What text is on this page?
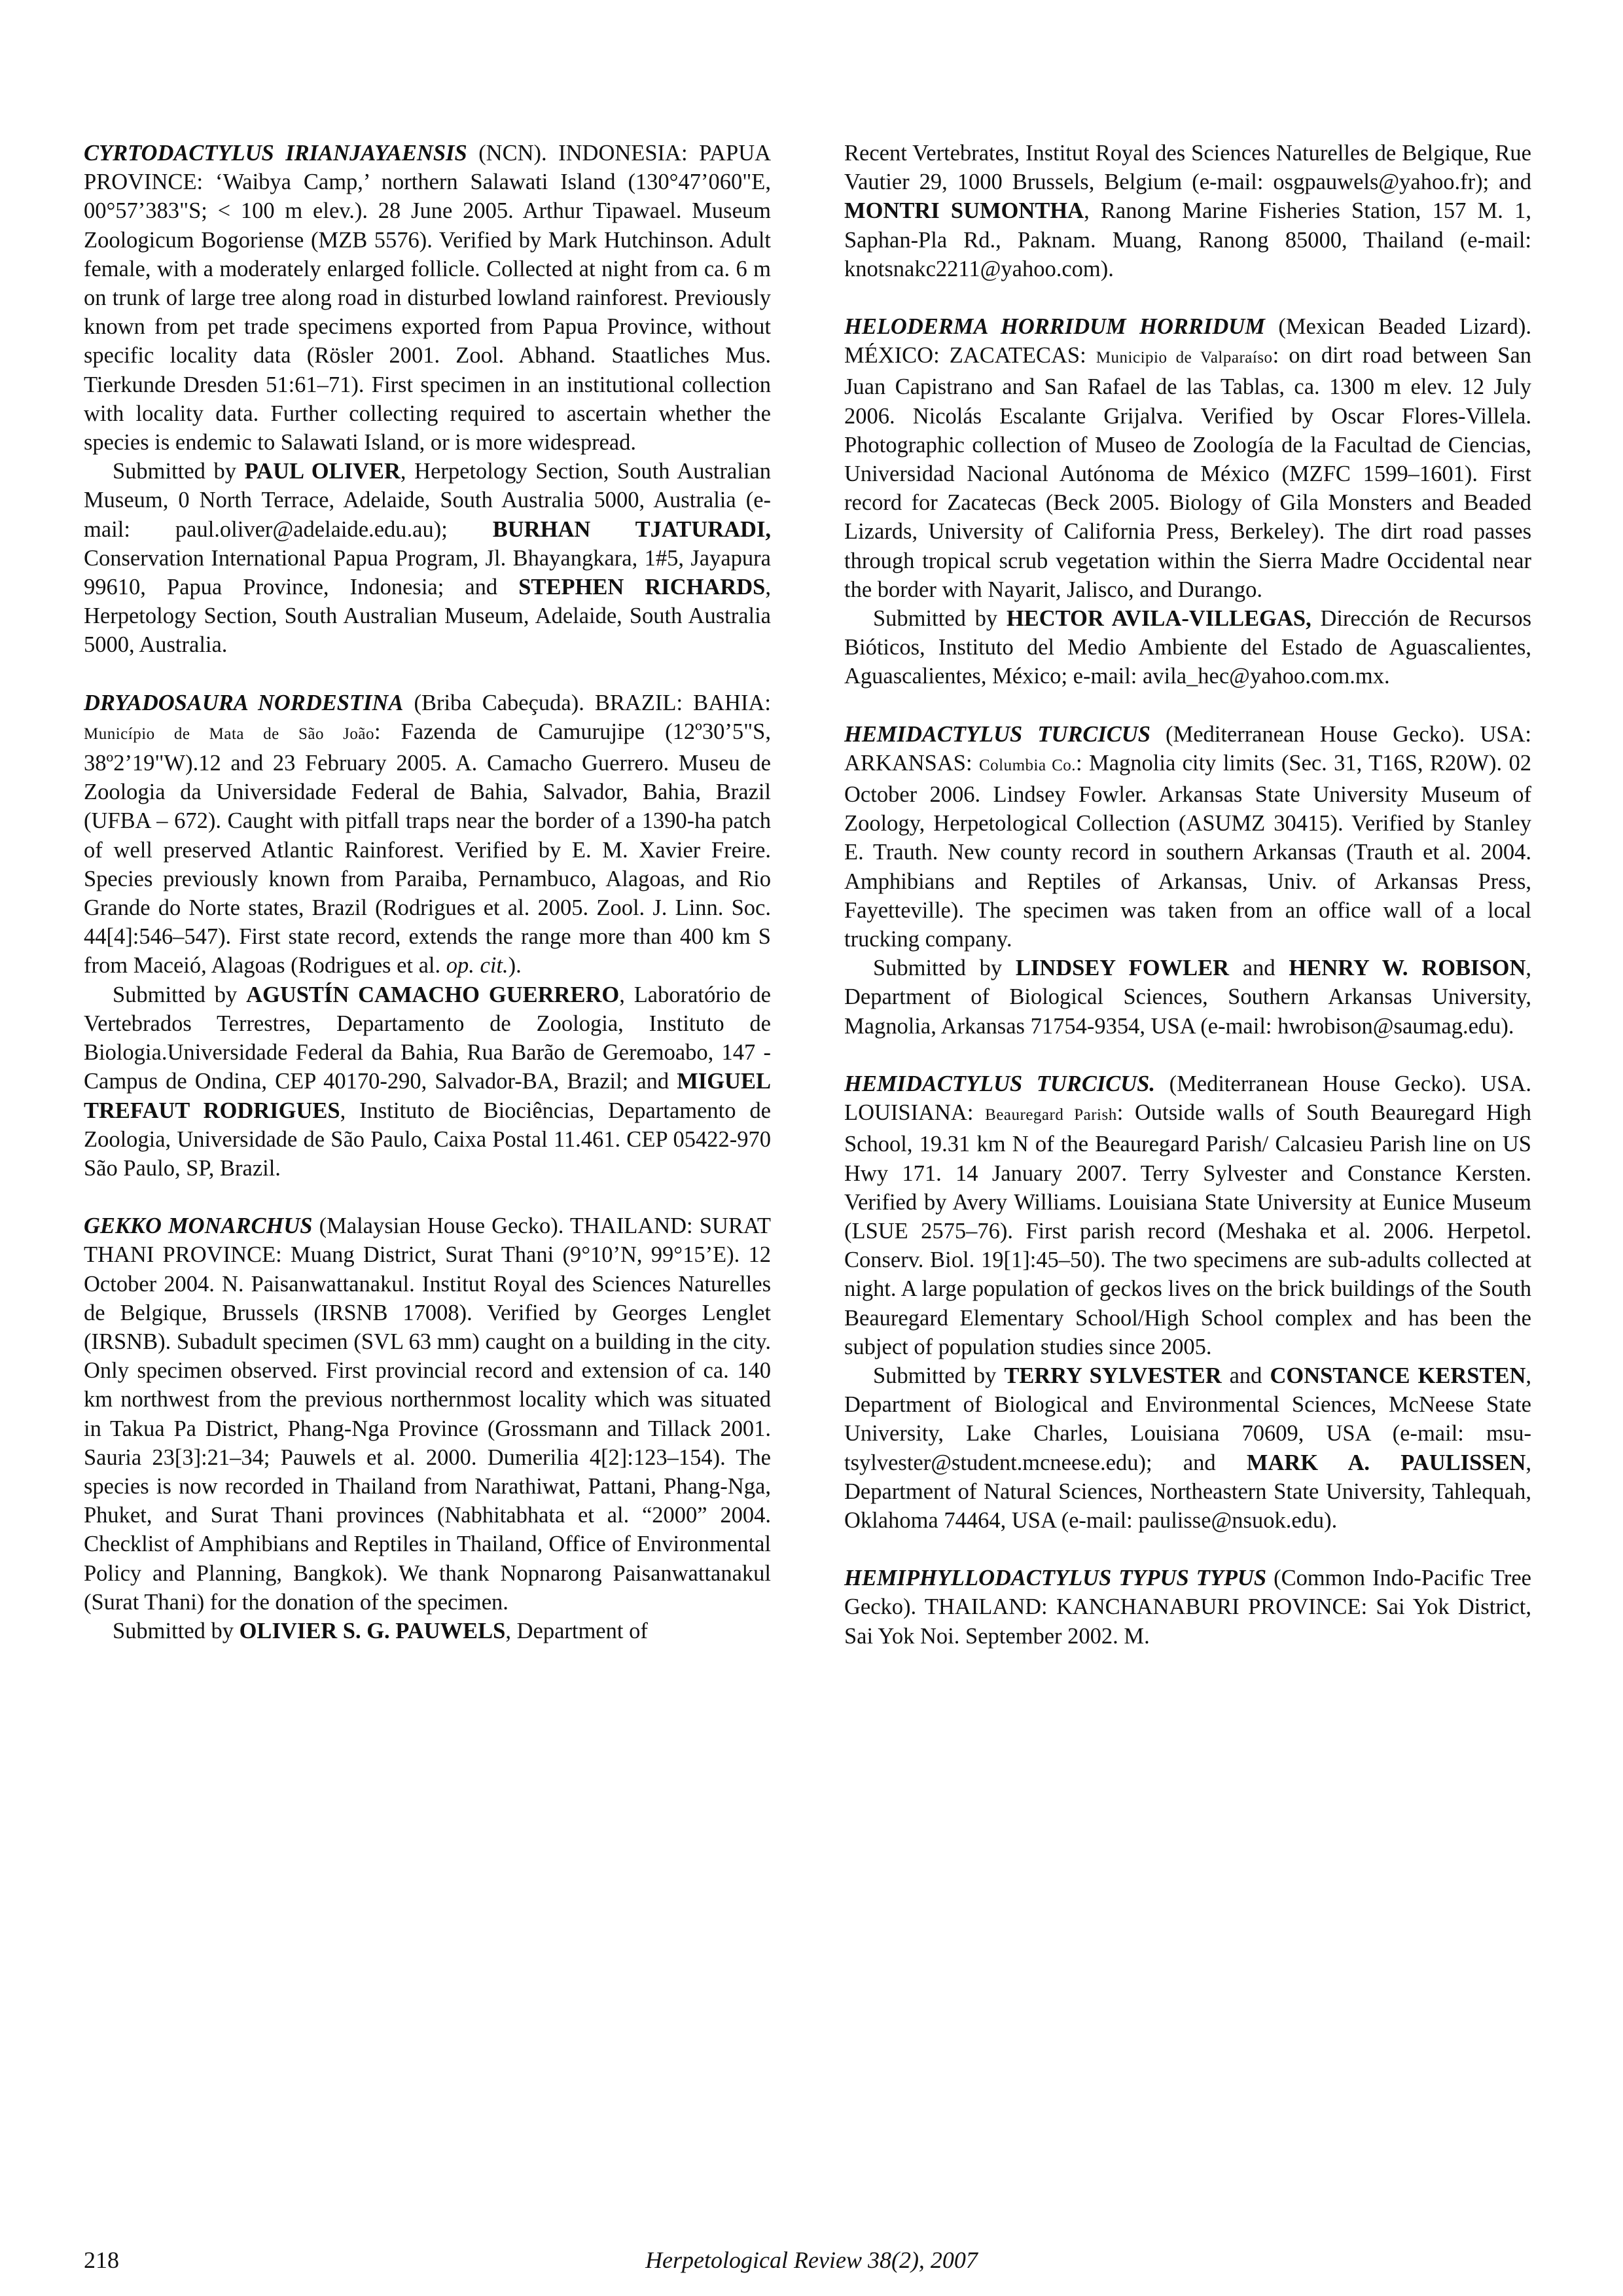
CYRTODACTYLUS IRIANJAYAENSIS (NCN). INDONESIA: PAPUA PROVINCE: ‘Waibya Camp,’ northern Salawati Island (130°47’060"E, 00°57’383"S; < 100 m elev.). 28 June 2005. Arthur Tipawael. Museum Zoologicum Bogoriense (MZB 5576). Verified by Mark Hutchinson. Adult female, with a moderately enlarged follicle. Collected at night from ca. 6 m on trunk of large tree along road in disturbed lowland rainforest. Previously known from pet trade specimens exported from Papua Province, without specific locality data (Rösler 2001. Zool. Abhand. Staatliches Mus. Tierkunde Dresden 51:61–71). First specimen in an institutional collection with locality data. Further collecting required to ascertain whether the species is endemic to Salawati Island, or is more widespread.

Submitted by PAUL OLIVER, Herpetology Section, South Australian Museum, 0 North Terrace, Adelaide, South Australia 5000, Australia (e-mail: paul.oliver@adelaide.edu.au); BURHAN TJATURADI, Conservation International Papua Program, Jl. Bhayangkara, 1#5, Jayapura 99610, Papua Province, Indonesia; and STEPHEN RICHARDS, Herpetology Section, South Australian Museum, Adelaide, South Australia 5000, Australia.

DRYADOSAURA NORDESTINA (Briba Cabeçuda). BRAZIL: BAHIA: Município de Mata de São João: Fazenda de Camurujipe (12º30’5"S, 38º2’19"W).12 and 23 February 2005. A. Camacho Guerrero. Museu de Zoologia da Universidade Federal de Bahia, Salvador, Bahia, Brazil (UFBA – 672). Caught with pitfall traps near the border of a 1390-ha patch of well preserved Atlantic Rainforest. Verified by E. M. Xavier Freire. Species previously known from Paraiba, Pernambuco, Alagoas, and Rio Grande do Norte states, Brazil (Rodrigues et al. 2005. Zool. J. Linn. Soc. 44[4]:546–547). First state record, extends the range more than 400 km S from Maceió, Alagoas (Rodrigues et al. op. cit.).

Submitted by AGUSTÍN CAMACHO GUERRERO, Laboratório de Vertebrados Terrestres, Departamento de Zoologia, Instituto de Biologia.Universidade Federal da Bahia, Rua Barão de Geremoabo, 147 - Campus de Ondina, CEP 40170-290, Salvador-BA, Brazil; and MIGUEL TREFAUT RODRIGUES, Instituto de Biociências, Departamento de Zoologia, Universidade de São Paulo, Caixa Postal 11.461. CEP 05422-970 São Paulo, SP, Brazil.

GEKKO MONARCHUS (Malaysian House Gecko). THAILAND: SURAT THANI PROVINCE: Muang District, Surat Thani (9°10’N, 99°15’E). 12 October 2004. N. Paisanwattanakul. Institut Royal des Sciences Naturelles de Belgique, Brussels (IRSNB 17008). Verified by Georges Lenglet (IRSNB). Subadult specimen (SVL 63 mm) caught on a building in the city. Only specimen observed. First provincial record and extension of ca. 140 km northwest from the previous northernmost locality which was situated in Takua Pa District, Phang-Nga Province (Grossmann and Tillack 2001. Sauria 23[3]:21–34; Pauwels et al. 2000. Dumerilia 4[2]:123–154). The species is now recorded in Thailand from Narathiwat, Pattani, Phang-Nga, Phuket, and Surat Thani provinces (Nabhitabhata et al. “2000” 2004. Checklist of Amphibians and Reptiles in Thailand, Office of Environmental Policy and Planning, Bangkok). We thank Nopnarong Paisanwattanakul (Surat Thani) for the donation of the specimen.

Submitted by OLIVIER S. G. PAUWELS, Department of

Recent Vertebrates, Institut Royal des Sciences Naturelles de Belgique, Rue Vautier 29, 1000 Brussels, Belgium (e-mail: osgpauwels@yahoo.fr); and MONTRI SUMONTHA, Ranong Marine Fisheries Station, 157 M. 1, Saphan-Pla Rd., Paknam. Muang, Ranong 85000, Thailand (e-mail: knotsnakc2211@yahoo.com).

HELODERMA HORRIDUM HORRIDUM (Mexican Beaded Lizard). MÉXICO: ZACATECAS: Municipio de Valparaíso: on dirt road between San Juan Capistrano and San Rafael de las Tablas, ca. 1300 m elev. 12 July 2006. Nicolás Escalante Grijalva. Verified by Oscar Flores-Villela. Photographic collection of Museo de Zoología de la Facultad de Ciencias, Universidad Nacional Autónoma de México (MZFC 1599–1601). First record for Zacatecas (Beck 2005. Biology of Gila Monsters and Beaded Lizards, University of California Press, Berkeley). The dirt road passes through tropical scrub vegetation within the Sierra Madre Occidental near the border with Nayarit, Jalisco, and Durango.

Submitted by HECTOR AVILA-VILLEGAS, Dirección de Recursos Bióticos, Instituto del Medio Ambiente del Estado de Aguascalientes, Aguascalientes, México; e-mail: avila_hec@yahoo.com.mx.

HEMIDACTYLUS TURCICUS (Mediterranean House Gecko). USA: ARKANSAS: Columbia Co.: Magnolia city limits (Sec. 31, T16S, R20W). 02 October 2006. Lindsey Fowler. Arkansas State University Museum of Zoology, Herpetological Collection (ASUMZ 30415). Verified by Stanley E. Trauth. New county record in southern Arkansas (Trauth et al. 2004. Amphibians and Reptiles of Arkansas, Univ. of Arkansas Press, Fayetteville). The specimen was taken from an office wall of a local trucking company.

Submitted by LINDSEY FOWLER and HENRY W. ROBISON, Department of Biological Sciences, Southern Arkansas University, Magnolia, Arkansas 71754-9354, USA (e-mail: hwrobison@saumag.edu).

HEMIDACTYLUS TURCICUS. (Mediterranean House Gecko). USA. LOUISIANA: Beauregard Parish: Outside walls of South Beauregard High School, 19.31 km N of the Beauregard Parish/ Calcasieu Parish line on US Hwy 171. 14 January 2007. Terry Sylvester and Constance Kersten. Verified by Avery Williams. Louisiana State University at Eunice Museum (LSUE 2575–76). First parish record (Meshaka et al. 2006. Herpetol. Conserv. Biol. 19[1]:45–50). The two specimens are sub-adults collected at night. A large population of geckos lives on the brick buildings of the South Beauregard Elementary School/High School complex and has been the subject of population studies since 2005.

Submitted by TERRY SYLVESTER and CONSTANCE KERSTEN, Department of Biological and Environmental Sciences, McNeese State University, Lake Charles, Louisiana 70609, USA (e-mail: msu-tsylvester@student.mcneese.edu); and MARK A. PAULISSEN, Department of Natural Sciences, Northeastern State University, Tahlequah, Oklahoma 74464, USA (e-mail: paulisse@nsuok.edu).

HEMIPHYLLODACTYLUS TYPUS TYPUS (Common Indo-Pacific Tree Gecko). THAILAND: KANCHANABURI PROVINCE: Sai Yok District, Sai Yok Noi. September 2002. M.

218	Herpetological Review 38(2), 2007
